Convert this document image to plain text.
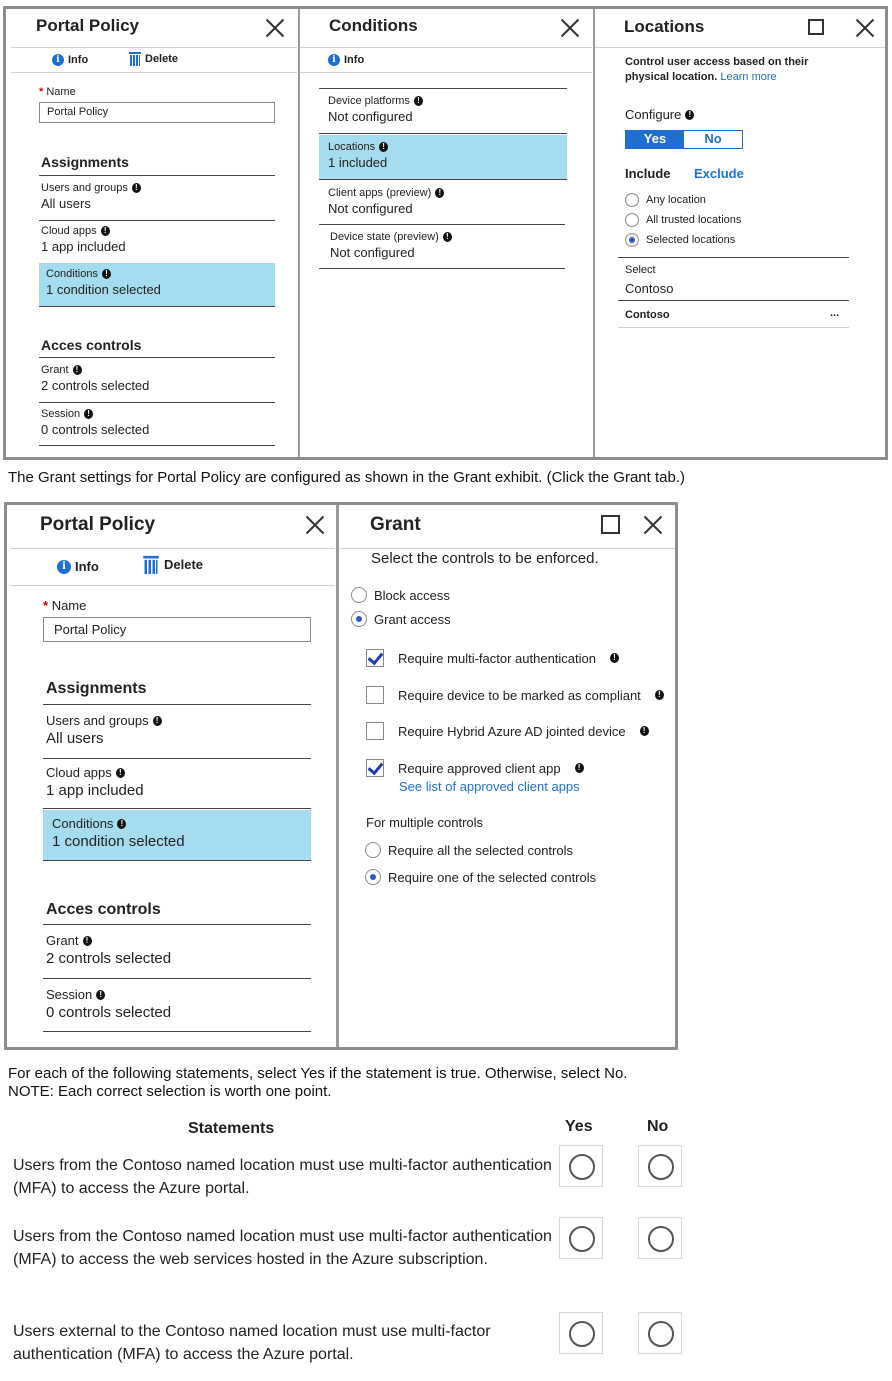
Portal Policy
i Info	Delete
* Name
Portal Policy
Assignments
Users and groups !
All users
Cloud apps !
1 app included
Conditions !
1 condition selected
Acces controls
Grant !
2 controls selected
Session !
0 controls selected
Conditions
i Info
Device platforms !
Not configured
Locations !
1 included
Client apps (preview) !
Not configured
Device state (preview) !
Not configured
Locations
Control user access based on their physical location. Learn more
Configure !
Yes	No
Include Exclude
Any location
All trusted locations
Selected locations
Select
Contoso
Contoso	...
The Grant settings for Portal Policy are configured as shown in the Grant exhibit. (Click the Grant tab.)
Portal Policy
i Info	Delete
* Name
Portal Policy
Assignments
Users and groups !
All users
Cloud apps !
1 app included
Conditions !
1 condition selected
Acces controls
Grant !
2 controls selected
Session !
0 controls selected
Grant
Select the controls to be enforced.
Block access
Grant access
Require multi-factor authentication	!
Require device to be marked as compliant	!
Require Hybrid Azure AD jointed device	!
Require approved client app	!
See list of approved client apps
For multiple controls
Require all the selected controls
Require one of the selected controls
For each of the following statements, select Yes if the statement is true. Otherwise, select No.
NOTE: Each correct selection is worth one point.
Statements	Yes	No
Users from the Contoso named location must use multi-factor authentication (MFA) to access the Azure portal.
Users from the Contoso named location must use multi-factor authentication (MFA) to access the web services hosted in the Azure subscription.
Users external to the Contoso named location must use multi-factor authentication (MFA) to access the Azure portal.
